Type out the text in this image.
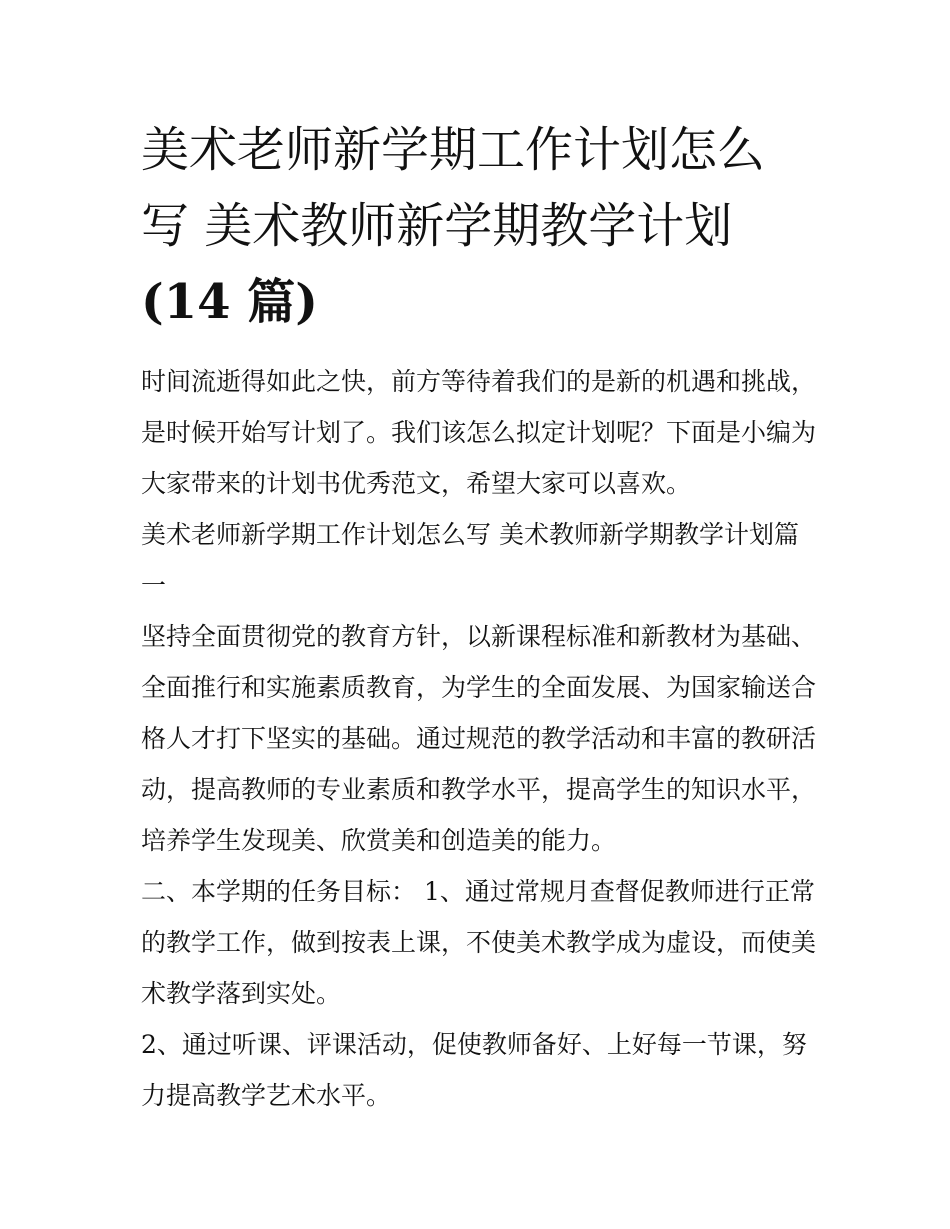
美术老师新学期工作计划怎么
写 美术教师新学期教学计划
(14 篇)
时间流逝得如此之快，前方等待着我们的是新的机遇和挑战，
是时候开始写计划了。我们该怎么拟定计划呢？下面是小编为
大家带来的计划书优秀范文，希望大家可以喜欢。
美术老师新学期工作计划怎么写 美术教师新学期教学计划篇
一
坚持全面贯彻党的教育方针，以新课程标准和新教材为基础、
全面推行和实施素质教育，为学生的全面发展、为国家输送合
格人才打下坚实的基础。通过规范的教学活动和丰富的教研活
动，提高教师的专业素质和教学水平，提高学生的知识水平，
培养学生发现美、欣赏美和创造美的能力。
二、本学期的任务目标： 1、通过常规月查督促教师进行正常
的教学工作，做到按表上课，不使美术教学成为虚设，而使美
术教学落到实处。
2、通过听课、评课活动，促使教师备好、上好每一节课，努
力提高教学艺术水平。
